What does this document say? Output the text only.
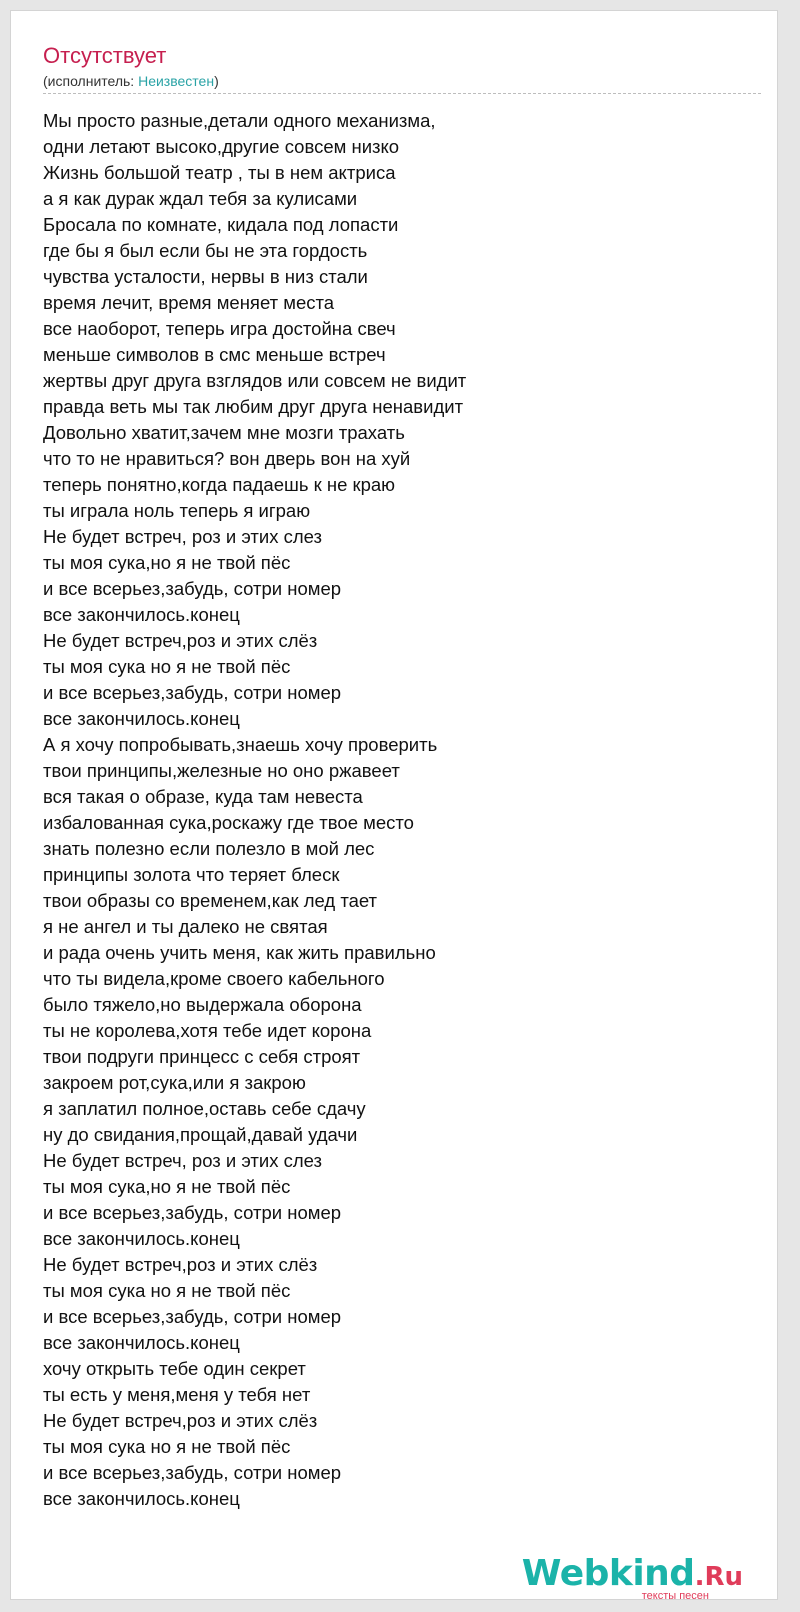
Отсутствует
(исполнитель: Неизвестен)
Мы просто разные,детали одного механизма,
одни летают высоко,другие совсем низко
Жизнь большой театр , ты в нем актриса
а я как дурак ждал тебя за кулисами
Бросала по комнате, кидала под лопасти
где бы я был если бы не эта гордость
чувства усталости, нервы в низ стали
время лечит, время меняет места
все наоборот, теперь игра достойна свеч
меньше символов в смс меньше встреч
жертвы друг друга взглядов или совсем не видит
правда веть мы так любим друг друга ненавидит
Довольно хватит,зачем мне мозги трахать
что то не нравиться? вон дверь вон на хуй
теперь понятно,когда падаешь к не краю
ты играла ноль теперь я играю
Не будет встреч, роз и этих слез
ты моя сука,но я не твой пёс
и все всерьез,забудь, сотри номер
все закончилось.конец
Не будет встреч,роз и этих слёз
ты моя сука но я не твой пёс
и все всерьез,забудь, сотри номер
все закончилось.конец
А я хочу попробывать,знаешь хочу проверить
твои принципы,железные но оно ржавеет
вся такая о образе, куда там невеста
избалованная сука,роскажу где твое место
знать полезно если полезло в мой лес
принципы золота что теряет блеск
твои образы со временем,как лед тает
я не ангел и ты далеко не святая
и рада очень учить меня, как жить правильно
что ты видела,кроме своего кабельного
было тяжело,но выдержала оборона
ты не королева,хотя тебе идет корона
твои подруги принцесс с себя строят
закроем рот,сука,или я закрою
я заплатил полное,оставь себе сдачу
ну до свидания,прощай,давай удачи
Не будет встреч, роз и этих слез
ты моя сука,но я не твой пёс
и все всерьез,забудь, сотри номер
все закончилось.конец
Не будет встреч,роз и этих слёз
ты моя сука но я не твой пёс
и все всерьез,забудь, сотри номер
все закончилось.конец
хочу открыть тебе один секрет
ты есть у меня,меня у тебя нет
Не будет встреч,роз и этих слёз
ты моя сука но я не твой пёс
и все всерьез,забудь, сотри номер
все закончилось.конец
Webkind.Ru
тексты песен
